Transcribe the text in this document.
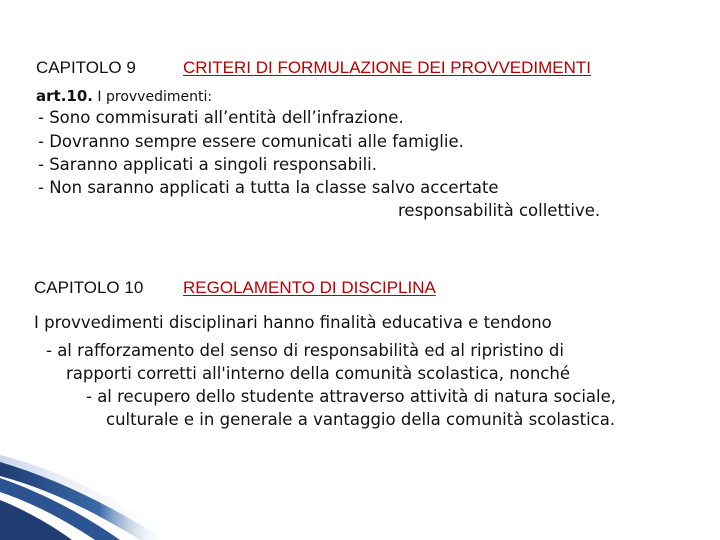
CAPITOLO 9	CRITERI DI FORMULAZIONE DEI PROVVEDIMENTI
art.10. I provvedimenti:
- Sono commisurati all’entità dell’infrazione.
- Dovranno sempre essere comunicati alle famiglie.
- Saranno applicati a singoli responsabili.
- Non saranno applicati a tutta la classe salvo accertate
responsabilità collettive.
CAPITOLO 10 REGOLAMENTO DI DISCIPLINA
I provvedimenti disciplinari hanno finalità educativa e tendono
- al rafforzamento del senso di responsabilità ed al ripristino di
rapporti corretti all'interno della comunità scolastica, nonché
- al recupero dello studente attraverso attività di natura sociale,
culturale e in generale a vantaggio della comunità scolastica.
